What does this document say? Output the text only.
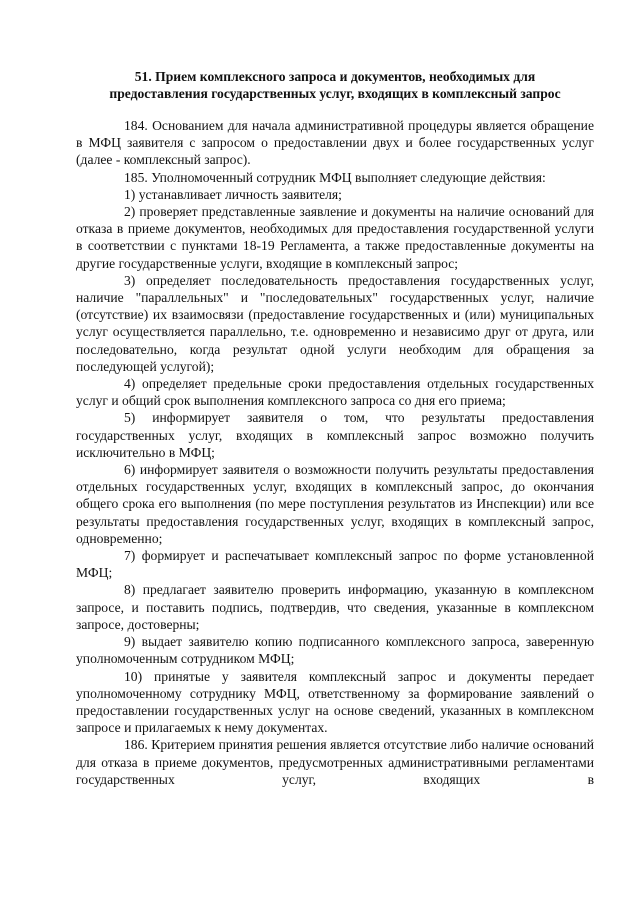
51. Прием комплексного запроса и документов, необходимых для
предоставления государственных услуг, входящих в комплексный запрос

184. Основанием для начала административной процедуры является обращение в МФЦ заявителя с запросом о предоставлении двух и более государственных услуг (далее - комплексный запрос).

185. Уполномоченный сотрудник МФЦ выполняет следующие действия:

1) устанавливает личность заявителя;

2) проверяет представленные заявление и документы на наличие оснований для отказа в приеме документов, необходимых для предоставления государственной услуги в соответствии с пунктами 18-19 Регламента, а также предоставленные документы на другие государственные услуги, входящие в комплексный запрос;

3) определяет последовательность предоставления государственных услуг, наличие "параллельных" и "последовательных" государственных услуг, наличие (отсутствие) их взаимосвязи (предоставление государственных и (или) муниципальных услуг осуществляется параллельно, т.е. одновременно и независимо друг от друга, или последовательно, когда результат одной услуги необходим для обращения за последующей услугой);

4) определяет предельные сроки предоставления отдельных государственных услуг и общий срок выполнения комплексного запроса со дня его приема;

5) информирует заявителя о том, что результаты предоставления государственных услуг, входящих в комплексный запрос возможно получить исключительно в МФЦ;

6) информирует заявителя о возможности получить результаты предоставления отдельных государственных услуг, входящих в комплексный запрос, до окончания общего срока его выполнения (по мере поступления результатов из Инспекции) или все результаты предоставления государственных услуг, входящих в комплексный запрос, одновременно;

7) формирует и распечатывает комплексный запрос по форме установленной МФЦ;

8) предлагает заявителю проверить информацию, указанную в комплексном запросе, и поставить подпись, подтвердив, что сведения, указанные в комплексном запросе, достоверны;

9) выдает заявителю копию подписанного комплексного запроса, заверенную уполномоченным сотрудником МФЦ;

10) принятые у заявителя комплексный запрос и документы передает уполномоченному сотруднику МФЦ, ответственному за формирование заявлений о предоставлении государственных услуг на основе сведений, указанных в комплексном запросе и прилагаемых к нему документах.

186. Критерием принятия решения является отсутствие либо наличие оснований для отказа в приеме документов, предусмотренных административными регламентами государственных услуг, входящих в
